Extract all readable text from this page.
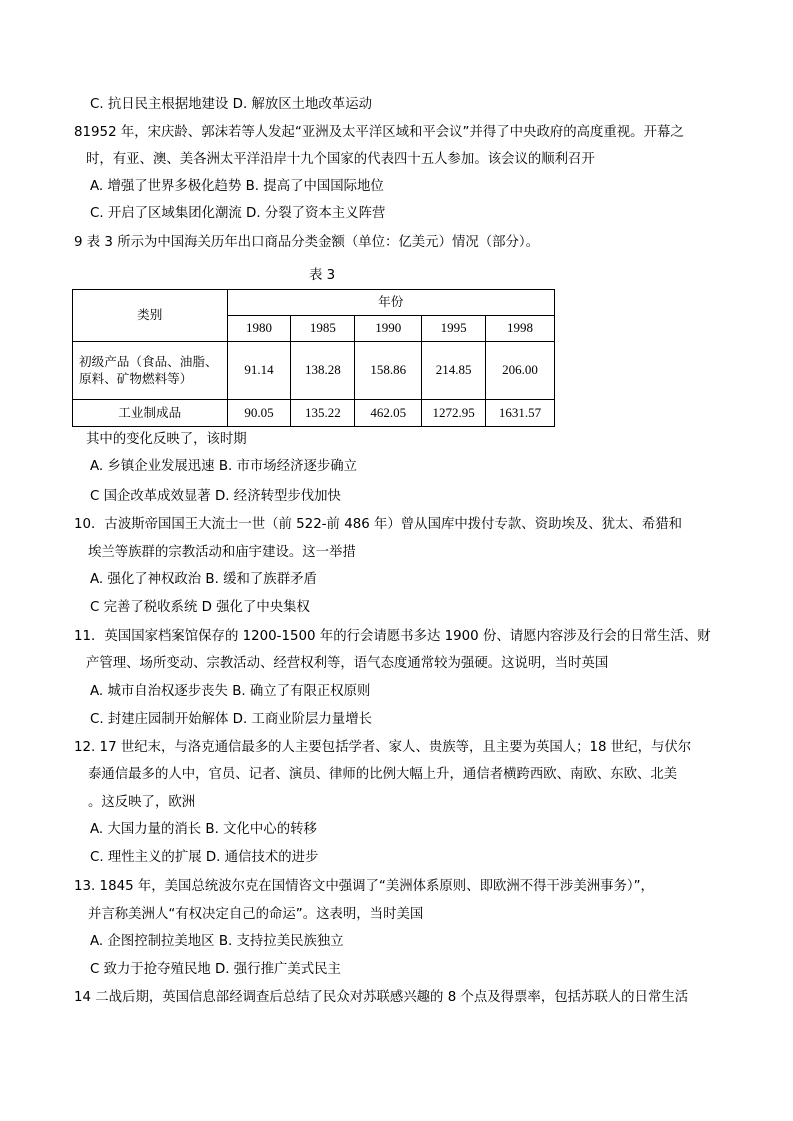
C. 抗日民主根据地建设 D. 解放区土地改革运动
81952 年，宋庆龄、郭沫若等人发起“亚洲及太平洋区域和平会议”并得了中央政府的高度重视。开幕之
时，有亚、澳、美各洲太平洋沿岸十九个国家的代表四十五人参加。该会议的顺利召开
A. 增强了世界多极化趋势 B. 提高了中国国际地位
C. 开启了区域集团化潮流 D. 分裂了资本主义阵营
9 表 3 所示为中国海关历年出口商品分类金额（单位：亿美元）情况（部分）。
表 3
类别	年份				
	1980	1985	1990	1995	1998
初级产品（食品、油脂、原料、矿物燃料等）	91.14	138.28	158.86	214.85	206.00
工业制成品	90.05	135.22	462.05	1272.95	1631.57
其中的变化反映了，该时期
A. 乡镇企业发展迅速 B. 市市场经济逐步确立
C 国企改革成效显著 D. 经济转型步伐加快
10．古波斯帝国国王大流士一世（前 522-前 486 年）曾从国库中拨付专款、资助埃及、犹太、希猎和
埃兰等族群的宗教活动和庙宇建设。这一举措
A. 强化了神权政治 B. 缓和了族群矛盾
C 完善了税收系统 D 强化了中央集权
11．英国国家档案馆保存的 1200-1500 年的行会请愿书多达 1900 份、请愿内容涉及行会的日常生活、财
产管理、场所变动、宗教活动、经营权利等，语气态度通常较为强硬。这说明，当时英国
A. 城市自治权逐步丧失 B. 确立了有限正权原则
C. 封建庄园制开始解体 D. 工商业阶层力量增长
12. 17 世纪末，与洛克通信最多的人主要包括学者、家人、贵族等，且主要为英国人；18 世纪，与伏尔
泰通信最多的人中，官员、记者、演员、律师的比例大幅上升，通信者横跨西欧、南欧、东欧、北美
。这反映了，欧洲
A. 大国力量的消长 B. 文化中心的转移
C. 理性主义的扩展 D. 通信技术的进步
13. 1845 年，美国总统波尔克在国情咨文中强调了“美洲体系原则、即欧洲不得干涉美洲事务）”，
并言称美洲人“有权决定自己的命运”。这表明，当时美国
A. 企图控制拉美地区 B. 支持拉美民族独立
C 致力于抢夺殖民地 D. 强行推广美式民主
14 二战后期，英国信息部经调查后总结了民众对苏联感兴趣的 8 个点及得票率，包括苏联人的日常生活
